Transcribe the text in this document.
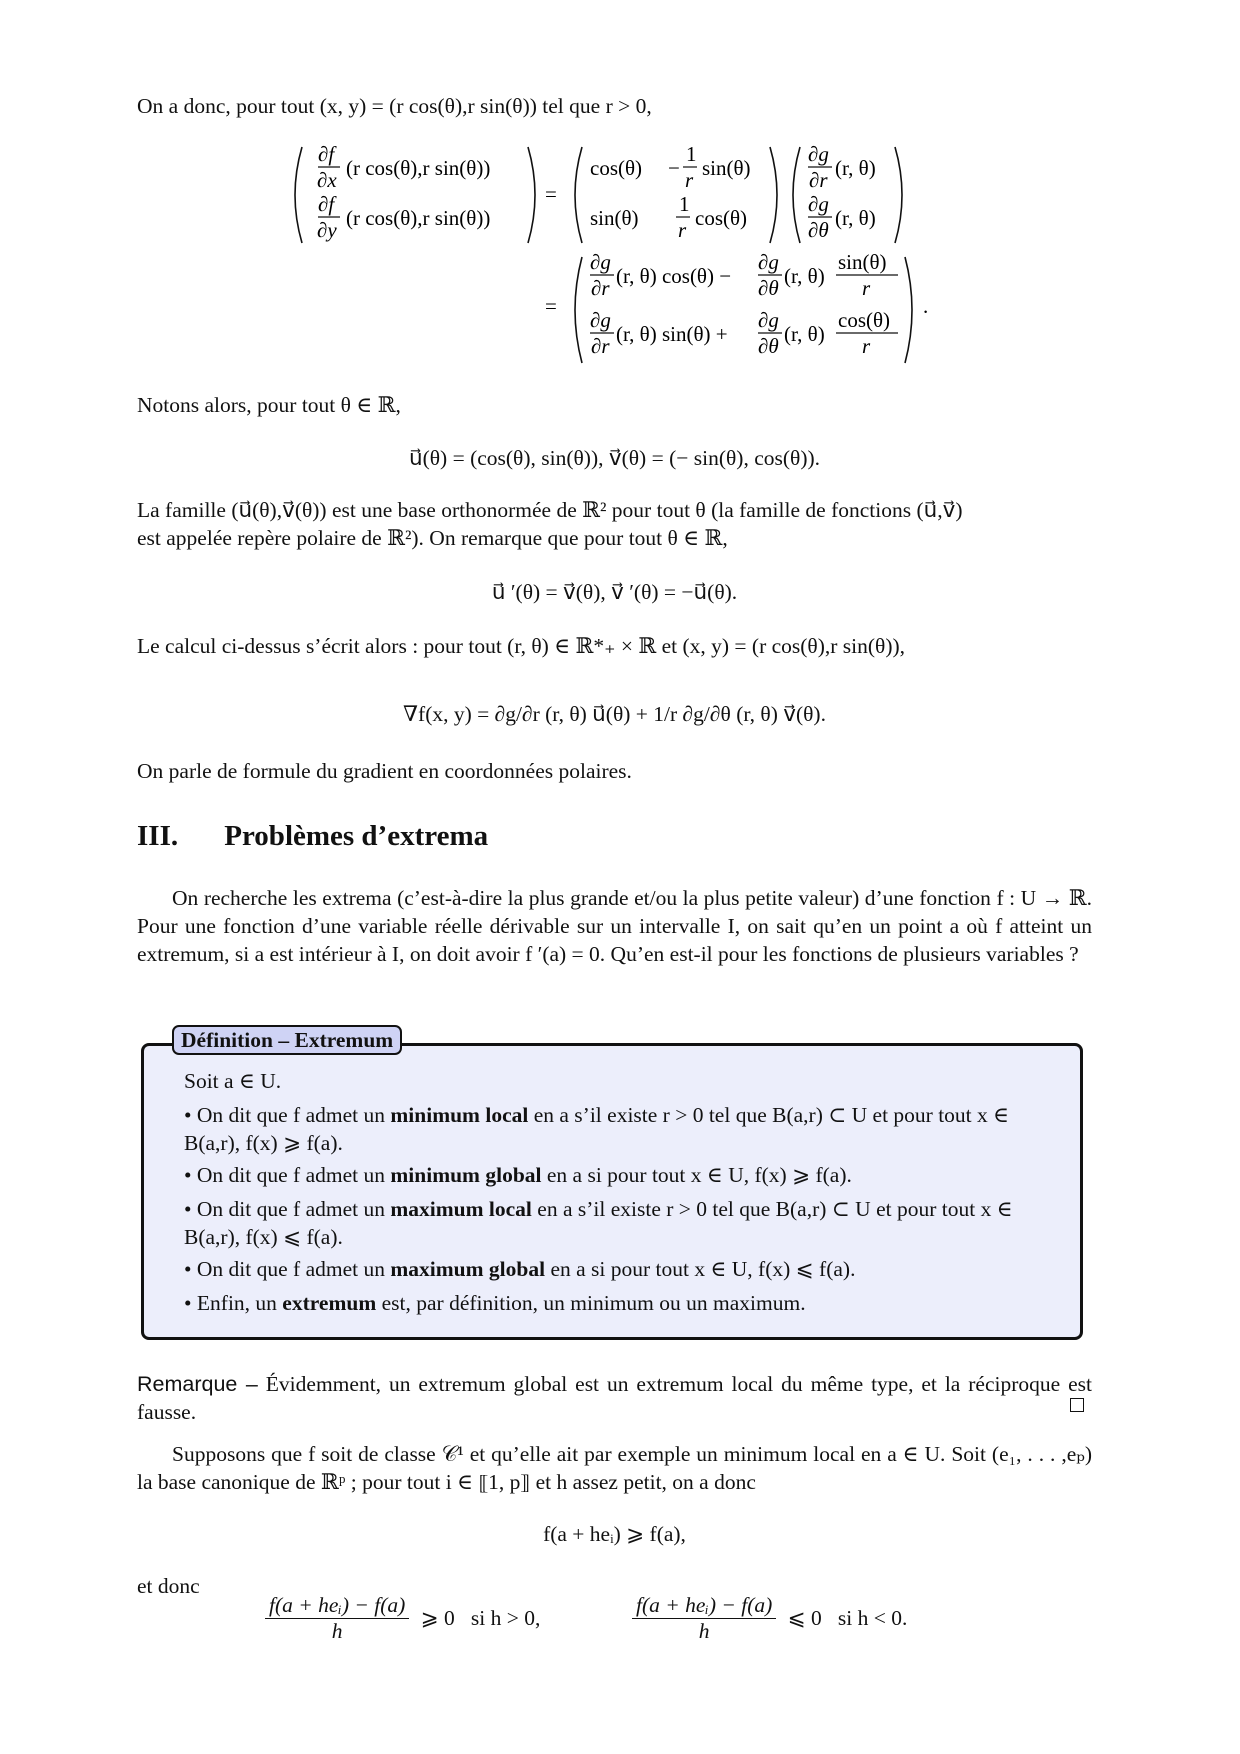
On a donc, pour tout (x, y) = (r cos(θ),r sin(θ)) tel que r > 0,
∂f
∂x (r cos(θ),r sin(θ))
∂f
∂y (r cos(θ),r sin(θ))
=
cos(θ) −
1
r sin(θ)
sin(θ)
1
r cos(θ)
∂g
∂r (r, θ)
∂g
∂θ (r, θ)
=
∂g
∂r (r, θ) cos(θ) −
∂g
∂θ (r, θ)
sin(θ)
r
∂g
∂r (r, θ) sin(θ) +
∂g
∂θ (r, θ)
cos(θ)
r
.
Notons alors, pour tout θ ∈ ℝ,
u⃗(θ) = (cos(θ), sin(θ)), v⃗(θ) = (− sin(θ), cos(θ)).
La famille (u⃗(θ),v⃗(θ)) est une base orthonormée de ℝ² pour tout θ (la famille de fonctions (u⃗,v⃗)
est appelée repère polaire de ℝ²). On remarque que pour tout θ ∈ ℝ,
u⃗ ′(θ) = v⃗(θ), v⃗ ′(θ) = −u⃗(θ).
Le calcul ci-dessus s’écrit alors : pour tout (r, θ) ∈ ℝ*₊ × ℝ et (x, y) = (r cos(θ),r sin(θ)),
∇f(x, y) = ∂g/∂r (r, θ) u⃗(θ) + 1/r ∂g/∂θ (r, θ) v⃗(θ).
On parle de formule du gradient en coordonnées polaires.
III. Problèmes d’extrema
On recherche les extrema (c’est-à-dire la plus grande et/ou la plus petite valeur) d’une fonction f : U → ℝ. Pour une fonction d’une variable réelle dérivable sur un intervalle I, on sait qu’en un point a où f atteint un extremum, si a est intérieur à I, on doit avoir f ′(a) = 0. Qu’en est-il pour les fonctions de plusieurs variables ?
Définition – Extremum
Soit a ∈ U.
• On dit que f admet un minimum local en a s’il existe r > 0 tel que B(a,r) ⊂ U et pour tout x ∈ B(a,r), f(x) ⩾ f(a).
• On dit que f admet un minimum global en a si pour tout x ∈ U, f(x) ⩾ f(a).
• On dit que f admet un maximum local en a s’il existe r > 0 tel que B(a,r) ⊂ U et pour tout x ∈ B(a,r), f(x) ⩽ f(a).
• On dit que f admet un maximum global en a si pour tout x ∈ U, f(x) ⩽ f(a).
• Enfin, un extremum est, par définition, un minimum ou un maximum.
Remarque – Évidemment, un extremum global est un extremum local du même type, et la réciproque est fausse.
Supposons que f soit de classe 𝒞¹ et qu’elle ait par exemple un minimum local en a ∈ U. Soit (e₁, . . . ,eₚ) la base canonique de ℝᵖ ; pour tout i ∈ ⟦1, p⟧ et h assez petit, on a donc
f(a + heᵢ) ⩾ f(a),
et donc
f(a + heᵢ) − f(a)
h
⩾ 0   si h > 0,
f(a + heᵢ) − f(a)
h
⩽ 0   si h < 0.
